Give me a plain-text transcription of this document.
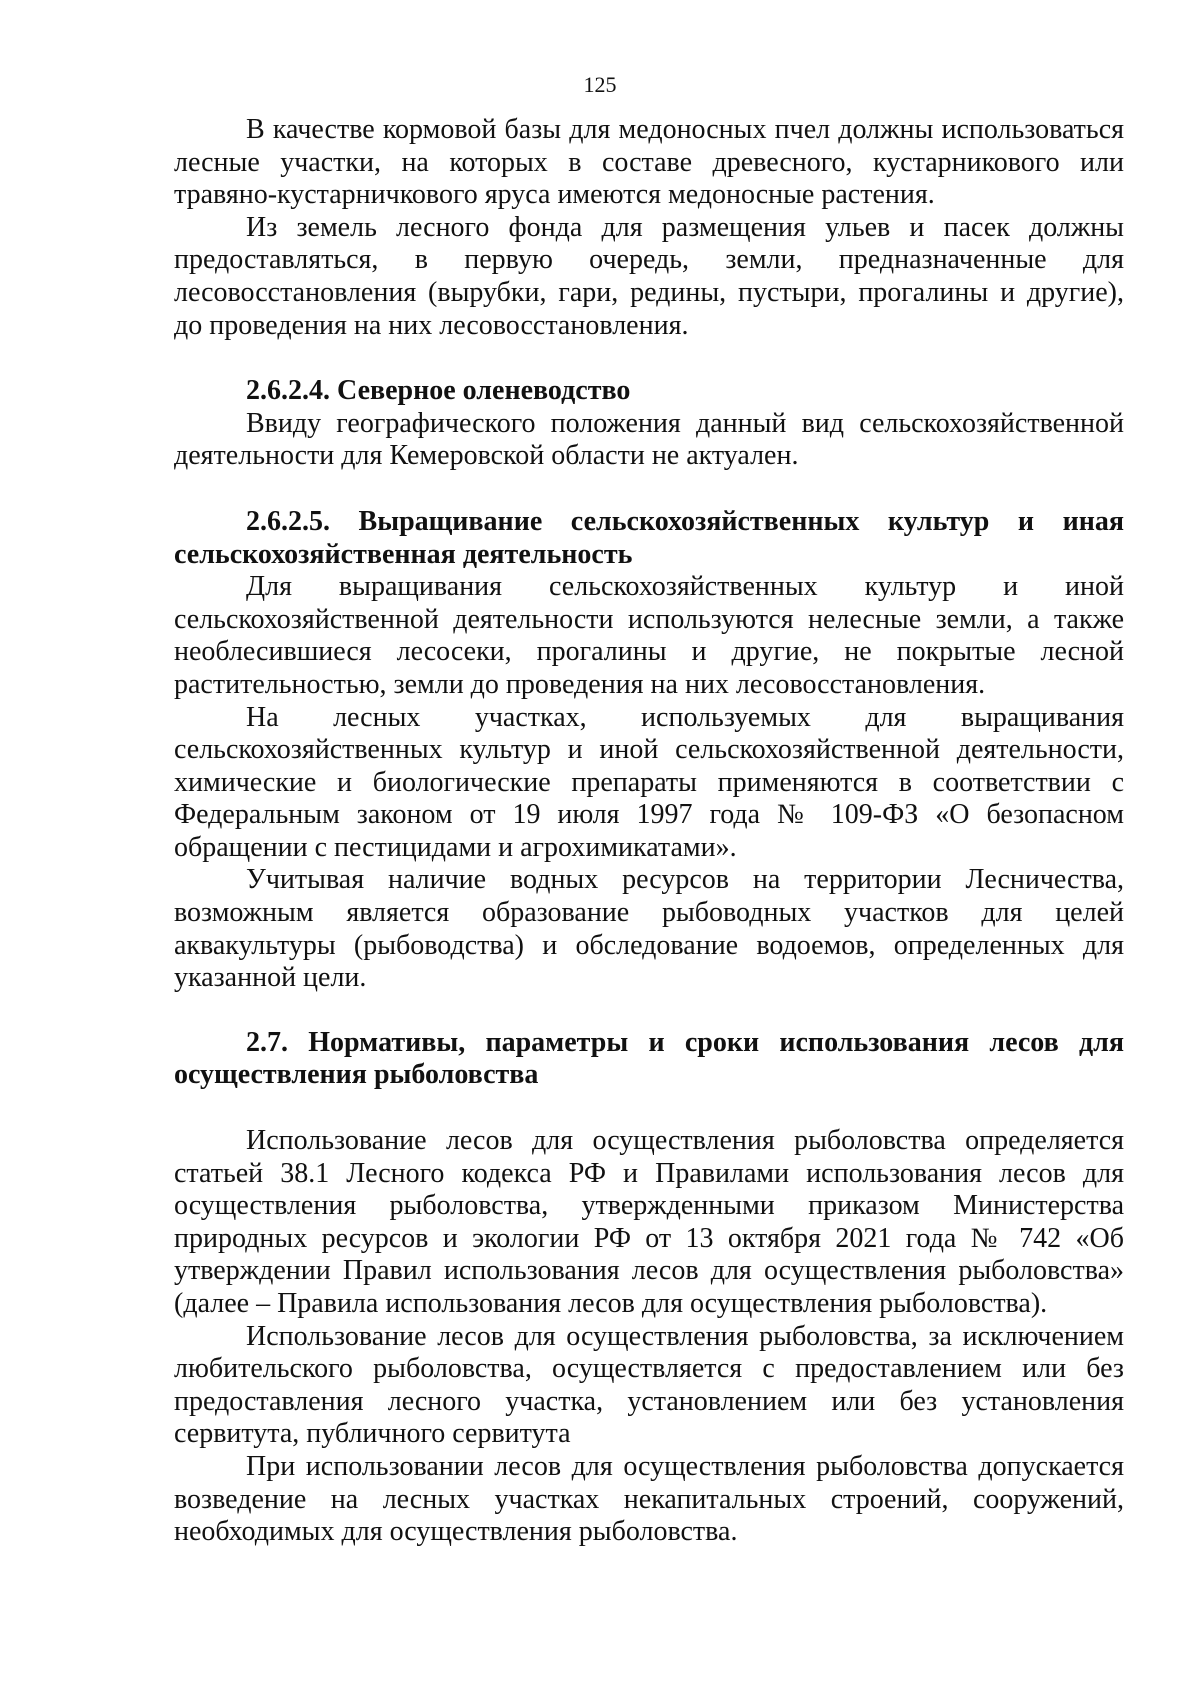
125

В качестве кормовой базы для медоносных пчел должны использоваться лесные участки, на которых в составе древесного, кустарникового или травяно-кустарничкового яруса имеются медоносные растения.

Из земель лесного фонда для размещения ульев и пасек должны предоставляться, в первую очередь, земли, предназначенные для лесовосстановления (вырубки, гари, редины, пустыри, прогалины и другие), до проведения на них лесовосстановления.

2.6.2.4. Северное оленеводство

Ввиду географического положения данный вид сельскохозяйственной деятельности для Кемеровской области не актуален.

2.6.2.5. Выращивание сельскохозяйственных культур и иная сельскохозяйственная деятельность

Для выращивания сельскохозяйственных культур и иной сельскохозяйственной деятельности используются нелесные земли, а также необлесившиеся лесосеки, прогалины и другие, не покрытые лесной растительностью, земли до проведения на них лесовосстановления.

На лесных участках, используемых для выращивания сельскохозяйственных культур и иной сельскохозяйственной деятельности, химические и биологические препараты применяются в соответствии с Федеральным законом от 19 июля 1997 года № 109-ФЗ «О безопасном обращении с пестицидами и агрохимикатами».

Учитывая наличие водных ресурсов на территории Лесничества, возможным является образование рыбоводных участков для целей аквакультуры (рыбоводства) и обследование водоемов, определенных для указанной цели.

2.7. Нормативы, параметры и сроки использования лесов для осуществления рыболовства

Использование лесов для осуществления рыболовства определяется статьей 38.1 Лесного кодекса РФ и Правилами использования лесов для осуществления рыболовства, утвержденными приказом Министерства природных ресурсов и экологии РФ от 13 октября 2021 года № 742 «Об утверждении Правил использования лесов для осуществления рыболовства» (далее – Правила использования лесов для осуществления рыболовства).

Использование лесов для осуществления рыболовства, за исключением любительского рыболовства, осуществляется с предоставлением или без предоставления лесного участка, установлением или без установления сервитута, публичного сервитута

При использовании лесов для осуществления рыболовства допускается возведение на лесных участках некапитальных строений, сооружений, необходимых для осуществления рыболовства.
